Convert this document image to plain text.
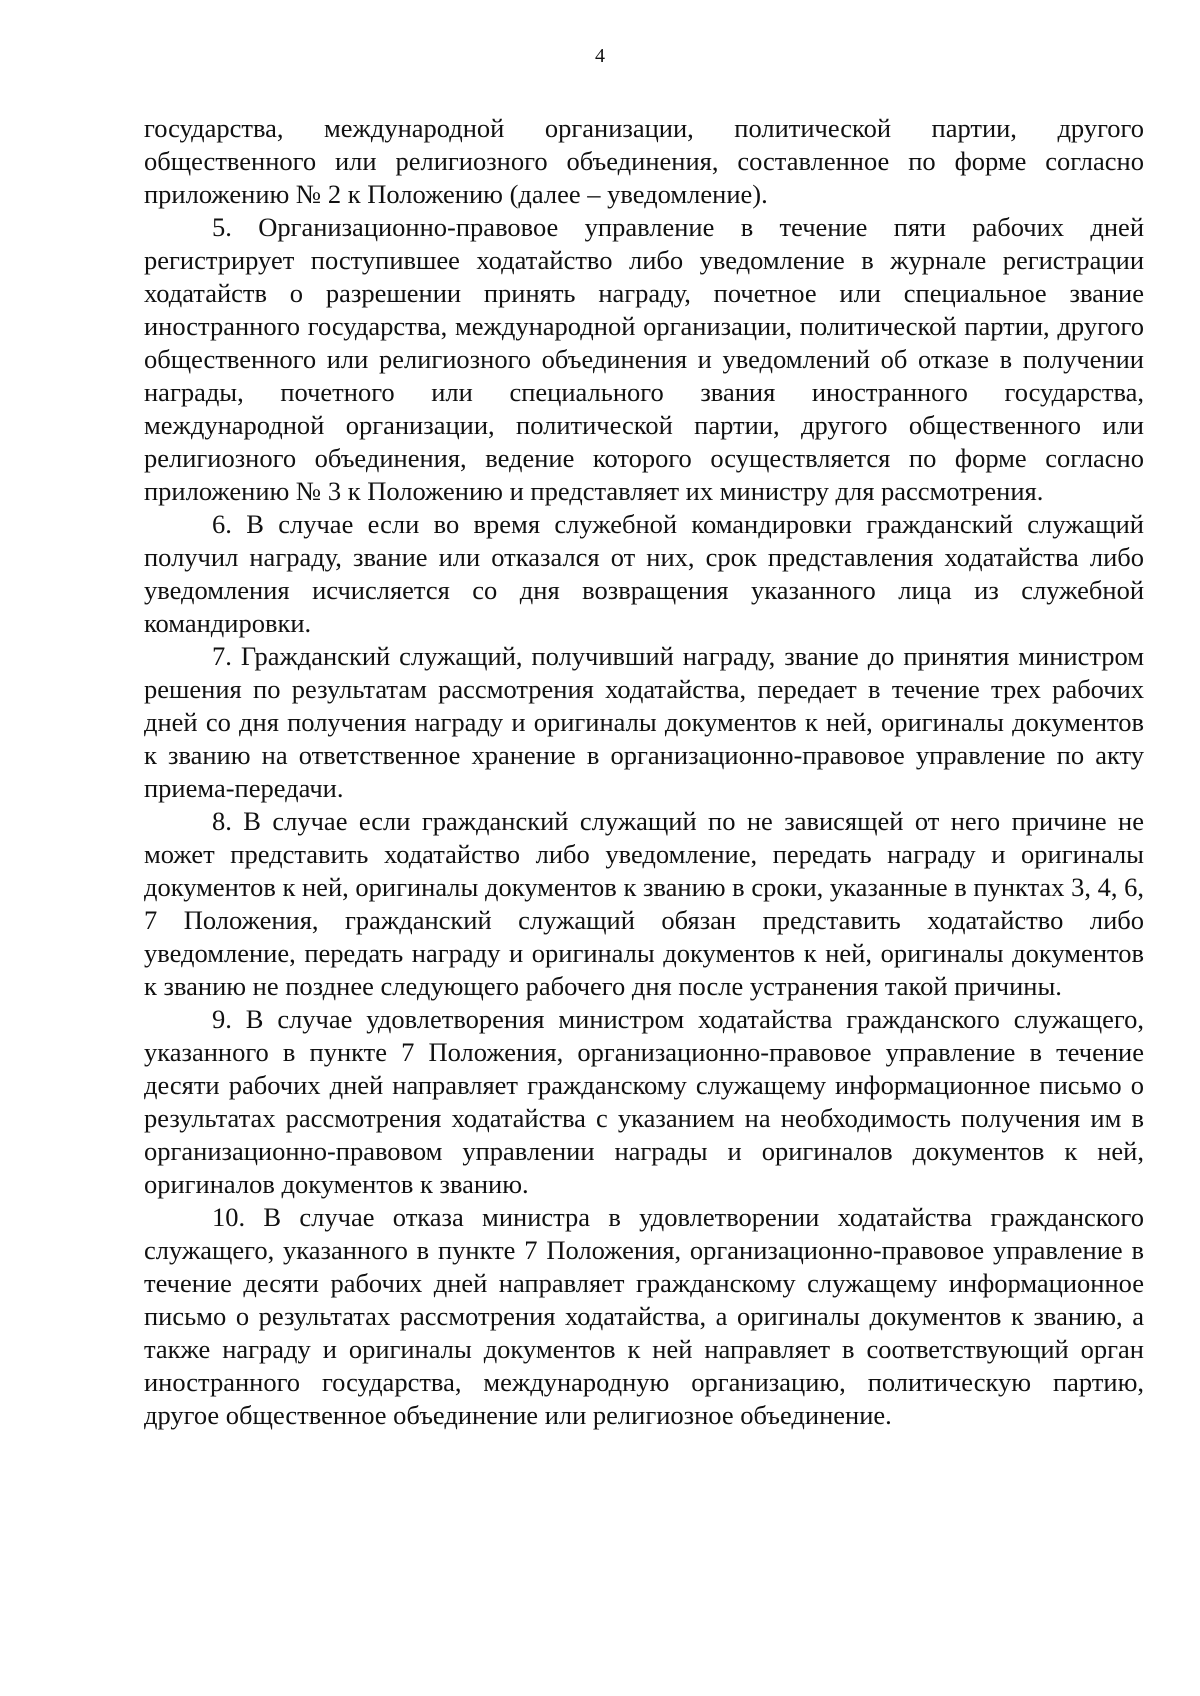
4

государства, международной организации, политической партии, другого общественного или религиозного объединения, составленное по форме согласно приложению № 2 к Положению (далее – уведомление).

5. Организационно-правовое управление в течение пяти рабочих дней регистрирует поступившее ходатайство либо уведомление в журнале регистрации ходатайств о разрешении принять награду, почетное или специальное звание иностранного государства, международной организации, политической партии, другого общественного или религиозного объединения и уведомлений об отказе в получении награды, почетного или специального звания иностранного государства, международной организации, политической партии, другого общественного или религиозного объединения, ведение которого осуществляется по форме согласно приложению № 3 к Положению и представляет их министру для рассмотрения.

6. В случае если во время служебной командировки гражданский служащий получил награду, звание или отказался от них, срок представления ходатайства либо уведомления исчисляется со дня возвращения указанного лица из служебной командировки.

7. Гражданский служащий, получивший награду, звание до принятия министром решения по результатам рассмотрения ходатайства, передает в течение трех рабочих дней со дня получения награду и оригиналы документов к ней, оригиналы документов к званию на ответственное хранение в организационно-правовое управление по акту приема-передачи.

8. В случае если гражданский служащий по не зависящей от него причине не может представить ходатайство либо уведомление, передать награду и оригиналы документов к ней, оригиналы документов к званию в сроки, указанные в пунктах 3, 4, 6, 7 Положения, гражданский служащий обязан представить ходатайство либо уведомление, передать награду и оригиналы документов к ней, оригиналы документов к званию не позднее следующего рабочего дня после устранения такой причины.

9. В случае удовлетворения министром ходатайства гражданского служащего, указанного в пункте 7 Положения, организационно-правовое управление в течение десяти рабочих дней направляет гражданскому служащему информационное письмо о результатах рассмотрения ходатайства с указанием на необходимость получения им в организационно-правовом управлении награды и оригиналов документов к ней, оригиналов документов к званию.

10. В случае отказа министра в удовлетворении ходатайства гражданского служащего, указанного в пункте 7 Положения, организационно-правовое управление в течение десяти рабочих дней направляет гражданскому служащему информационное письмо о результатах рассмотрения ходатайства, а оригиналы документов к званию, а также награду и оригиналы документов к ней направляет в соответствующий орган иностранного государства, международную организацию, политическую партию, другое общественное объединение или религиозное объединение.
